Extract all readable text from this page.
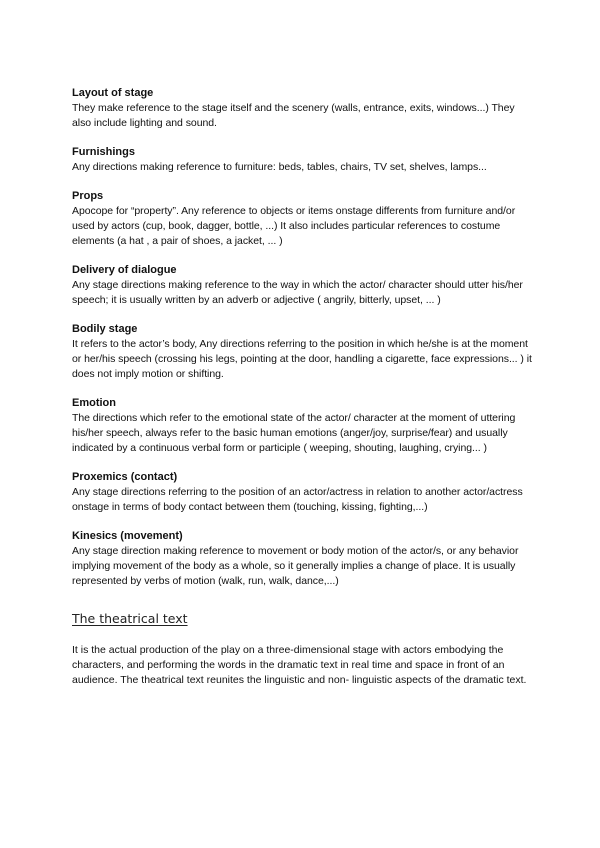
Layout of stage

They make reference to the stage itself and the scenery (walls, entrance, exits, windows...) They also include lighting and sound.

Furnishings

Any directions making reference to furniture: beds, tables, chairs, TV set, shelves, lamps...

Props

Apocope for “property”. Any reference to objects or items onstage differents from furniture and/or used by actors (cup, book, dagger, bottle, ...) It also includes particular references to costume elements (a hat , a pair of shoes, a jacket, ... )

Delivery of dialogue

Any stage directions making reference to the way in which the actor/ character should utter his/her speech; it is usually written by an adverb or adjective ( angrily, bitterly, upset, ... )

Bodily stage

It refers to the actor’s body, Any directions referring to the position in which he/she is at the moment or her/his speech (crossing his legs, pointing at the door, handling a cigarette, face expressions... ) it does not imply motion or shifting.

Emotion

The directions which refer to the emotional state of the actor/ character at the moment of uttering his/her speech, always refer to the basic human emotions (anger/joy, surprise/fear) and usually indicated by a continuous verbal form or participle ( weeping, shouting, laughing, crying... )

Proxemics (contact)

Any stage directions referring to the position of an actor/actress in relation to another actor/actress onstage in terms of body contact between them (touching, kissing, fighting,...)

Kinesics (movement)

Any stage direction making reference to movement or body motion of the actor/s, or any behavior implying movement of the body as a whole, so it generally implies a change of place. It is usually represented by verbs of motion (walk, run, walk, dance,...)

The theatrical text

It is the actual production of the play on a three-dimensional stage with actors embodying the characters, and performing the words in the dramatic text in real time and space in front of an audience. The theatrical text reunites the linguistic and non- linguistic aspects of the dramatic text.
